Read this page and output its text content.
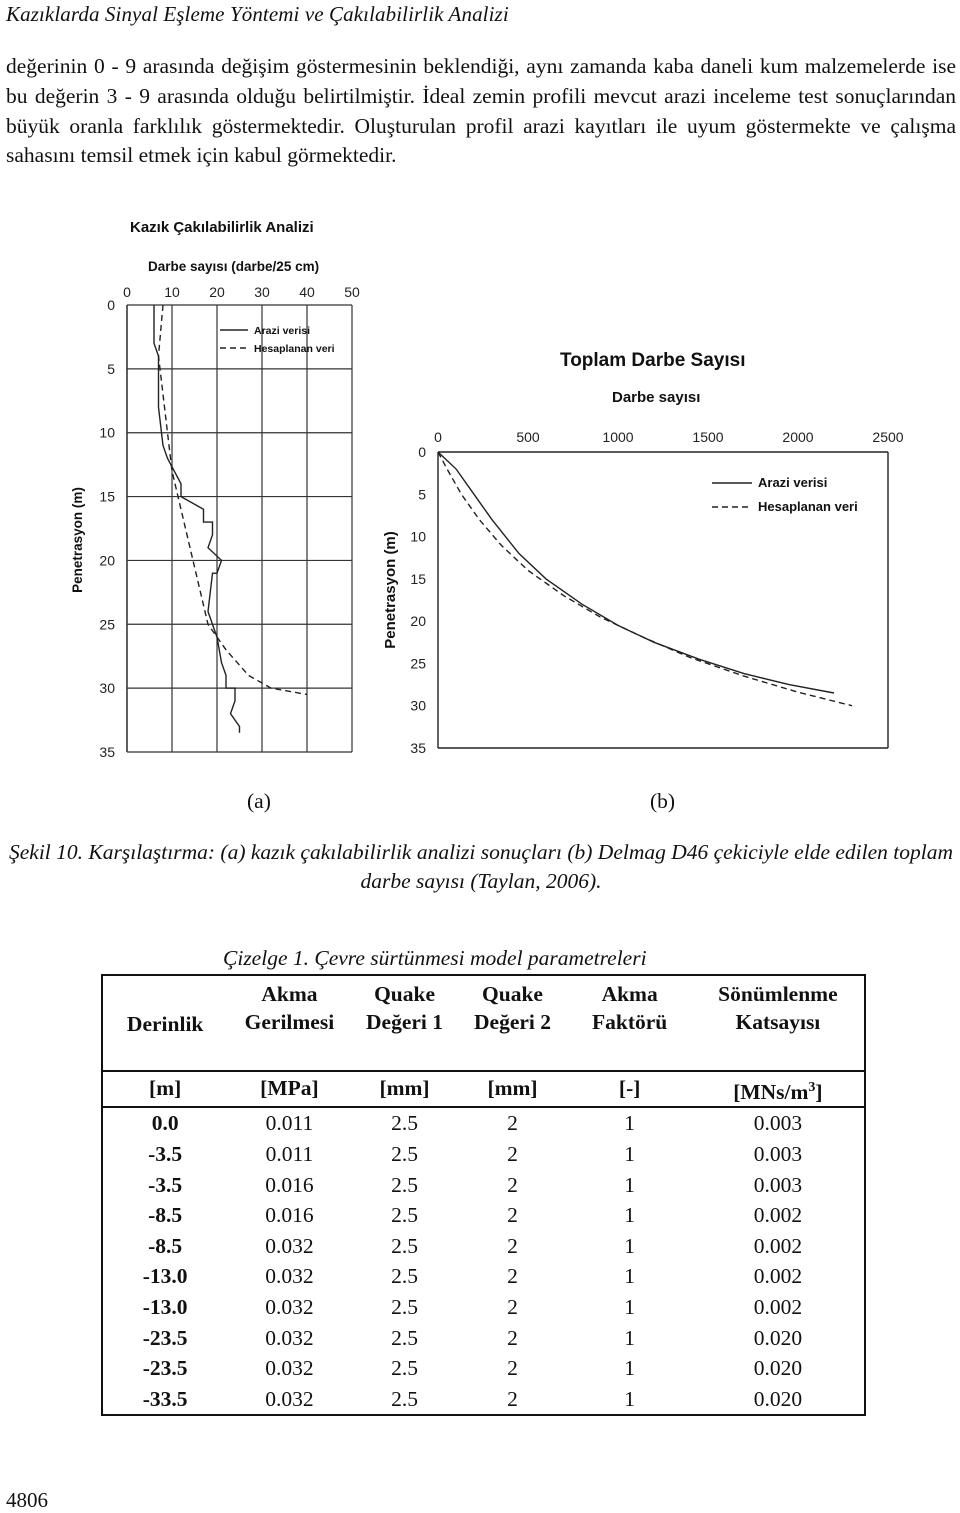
Kazıklarda Sinyal Eşleme Yöntemi ve Çakılabilirlik Analizi
değerinin 0 - 9 arasında değişim göstermesinin beklendiği, aynı zamanda kaba daneli kum malzemelerde ise bu değerin 3 - 9 arasında olduğu belirtilmiştir. İdeal zemin profili mevcut arazi inceleme test sonuçlarından büyük oranla farklılık göstermektedir. Oluşturulan profil arazi kayıtları ile uyum göstermekte ve çalışma sahasını temsil etmek için kabul görmektedir.
Kazık Çakılabilirlik Analizi
Darbe sayısı (darbe/25 cm)
0 10 20 30 40 50
0
5
10
15
20
25
30
35
Arazi verisi
Hesaplanan veri
Penetrasyon (m)
Toplam Darbe Sayısı
Darbe sayısı
0	500	1000	1500	2000	2500
0
5
10
15
20
25
30
35
Arazi verisi
Hesaplanan veri
Penetrasyon (m)
(a)	(b)
Şekil 10. Karşılaştırma: (a) kazık çakılabilirlik analizi sonuçları (b) Delmag D46 çekiciyle elde edilen toplam darbe sayısı (Taylan, 2006).
Çizelge 1. Çevre sürtünmesi model parametreleri
Derinlik	Akma Gerilmesi	Quake Değeri 1	Quake Değeri 2	Akma Faktörü	Sönümlenme Katsayısı
[m]	[MPa]	[mm]	[mm]	[-]	$[MNs/m^3]$
0.0	0.011	2.5	2	1	0.003
-3.5	0.011	2.5	2	1	0.003
-3.5	0.016	2.5	2	1	0.003
-8.5	0.016	2.5	2	1	0.002
-8.5	0.032	2.5	2	1	0.002
-13.0	0.032	2.5	2	1	0.002
-13.0	0.032	2.5	2	1	0.002
-23.5	0.032	2.5	2	1	0.020
-23.5	0.032	2.5	2	1	0.020
-33.5	0.032	2.5	2	1	0.020
4806
